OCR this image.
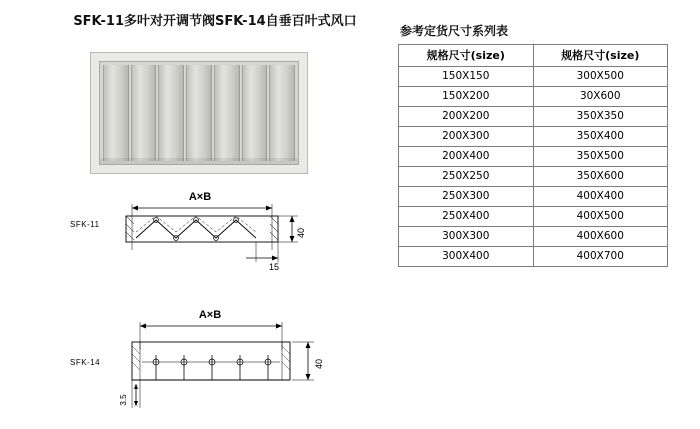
SFK-11多叶对开调节阀SFK-14自垂百叶式风口
SFK-11
A×B
40
15
SFK-14
A×B
40
3.5
参考定货尺寸系列表
规格尺寸(size)	规格尺寸(size)
150X150	300X500
150X200	30X600
200X200	350X350
200X300	350X400
200X400	350X500
250X250	350X600
250X300	400X400
250X400	400X500
300X300	400X600
300X400	400X700
